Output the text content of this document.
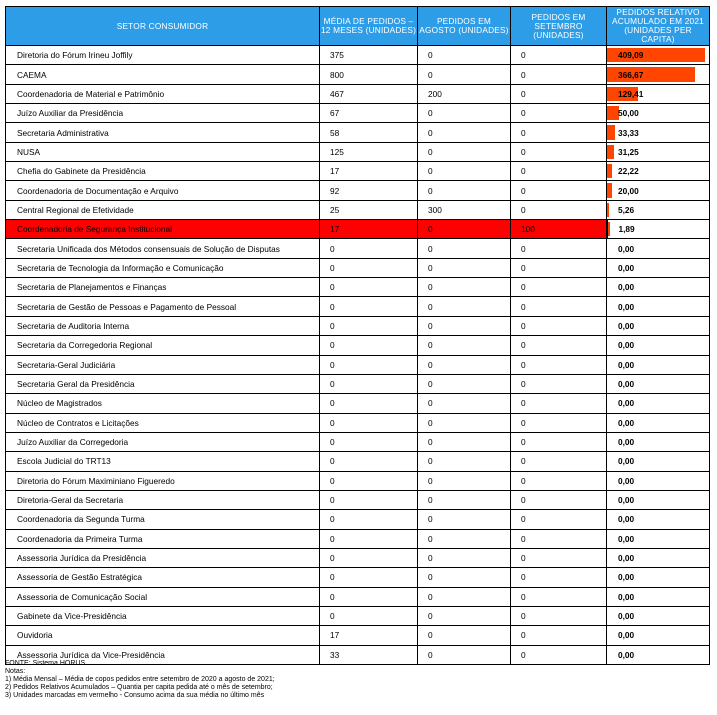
SETOR CONSUMIDOR	MÉDIA DE PEDIDOS – 12 MESES (UNIDADES)	PEDIDOS EM AGOSTO (UNIDADES)	PEDIDOS EM SETEMBRO (UNIDADES)	PEDIDOS RELATIVO ACUMULADO EM 2021 (UNIDADES PER CAPITA)
Diretoria do Fórum Irineu Joffily	375	0	0	409,09
CAEMA	800	0	0	366,67
Coordenadoria de Material e Patrimônio	467	200	0	129,41
Juízo Auxiliar da Presidência	67	0	0	50,00
Secretaria Administrativa	58	0	0	33,33
NUSA	125	0	0	31,25
Chefia do Gabinete da Presidência	17	0	0	22,22
Coordenadoria de Documentação e Arquivo	92	0	0	20,00
Central Regional de Efetividade	25	300	0	5,26
Coordenadoria de Segurança Institucional	17	0	100	1,89
Secretaria Unificada dos Métodos consensuais de Solução de Disputas	0	0	0	0,00
Secretaria de Tecnologia da Informação e Comunicação	0	0	0	0,00
Secretaria de Planejamentos e Finanças	0	0	0	0,00
Secretaria de Gestão de Pessoas e Pagamento de Pessoal	0	0	0	0,00
Secretaria de Auditoria Interna	0	0	0	0,00
Secretaria da Corregedoria Regional	0	0	0	0,00
Secretaria-Geral Judiciária	0	0	0	0,00
Secretaria Geral da Presidência	0	0	0	0,00
Núcleo de Magistrados	0	0	0	0,00
Núcleo de Contratos e Licitações	0	0	0	0,00
Juízo Auxiliar da Corregedoria	0	0	0	0,00
Escola Judicial do TRT13	0	0	0	0,00
Diretoria do Fórum Maximiniano Figueredo	0	0	0	0,00
Diretoria-Geral da Secretaria	0	0	0	0,00
Coordenadoria da Segunda Turma	0	0	0	0,00
Coordenadoria da Primeira Turma	0	0	0	0,00
Assessoria Jurídica da Presidência	0	0	0	0,00
Assessoria de Gestão Estratégica	0	0	0	0,00
Assessoria de Comunicação Social	0	0	0	0,00
Gabinete da Vice-Presidência	0	0	0	0,00
Ouvidoria	17	0	0	0,00
Assessoria Jurídica da Vice-Presidência	33	0	0	0,00
FONTE: Sistema HORUS
Notas:
1) Média Mensal – Média de copos pedidos entre setembro de 2020 a agosto de 2021;
2) Pedidos Relativos Acumulados – Quantia per capita pedida até o mês de setembro;
3) Unidades marcadas em vermelho - Consumo acima da sua média no último mês
